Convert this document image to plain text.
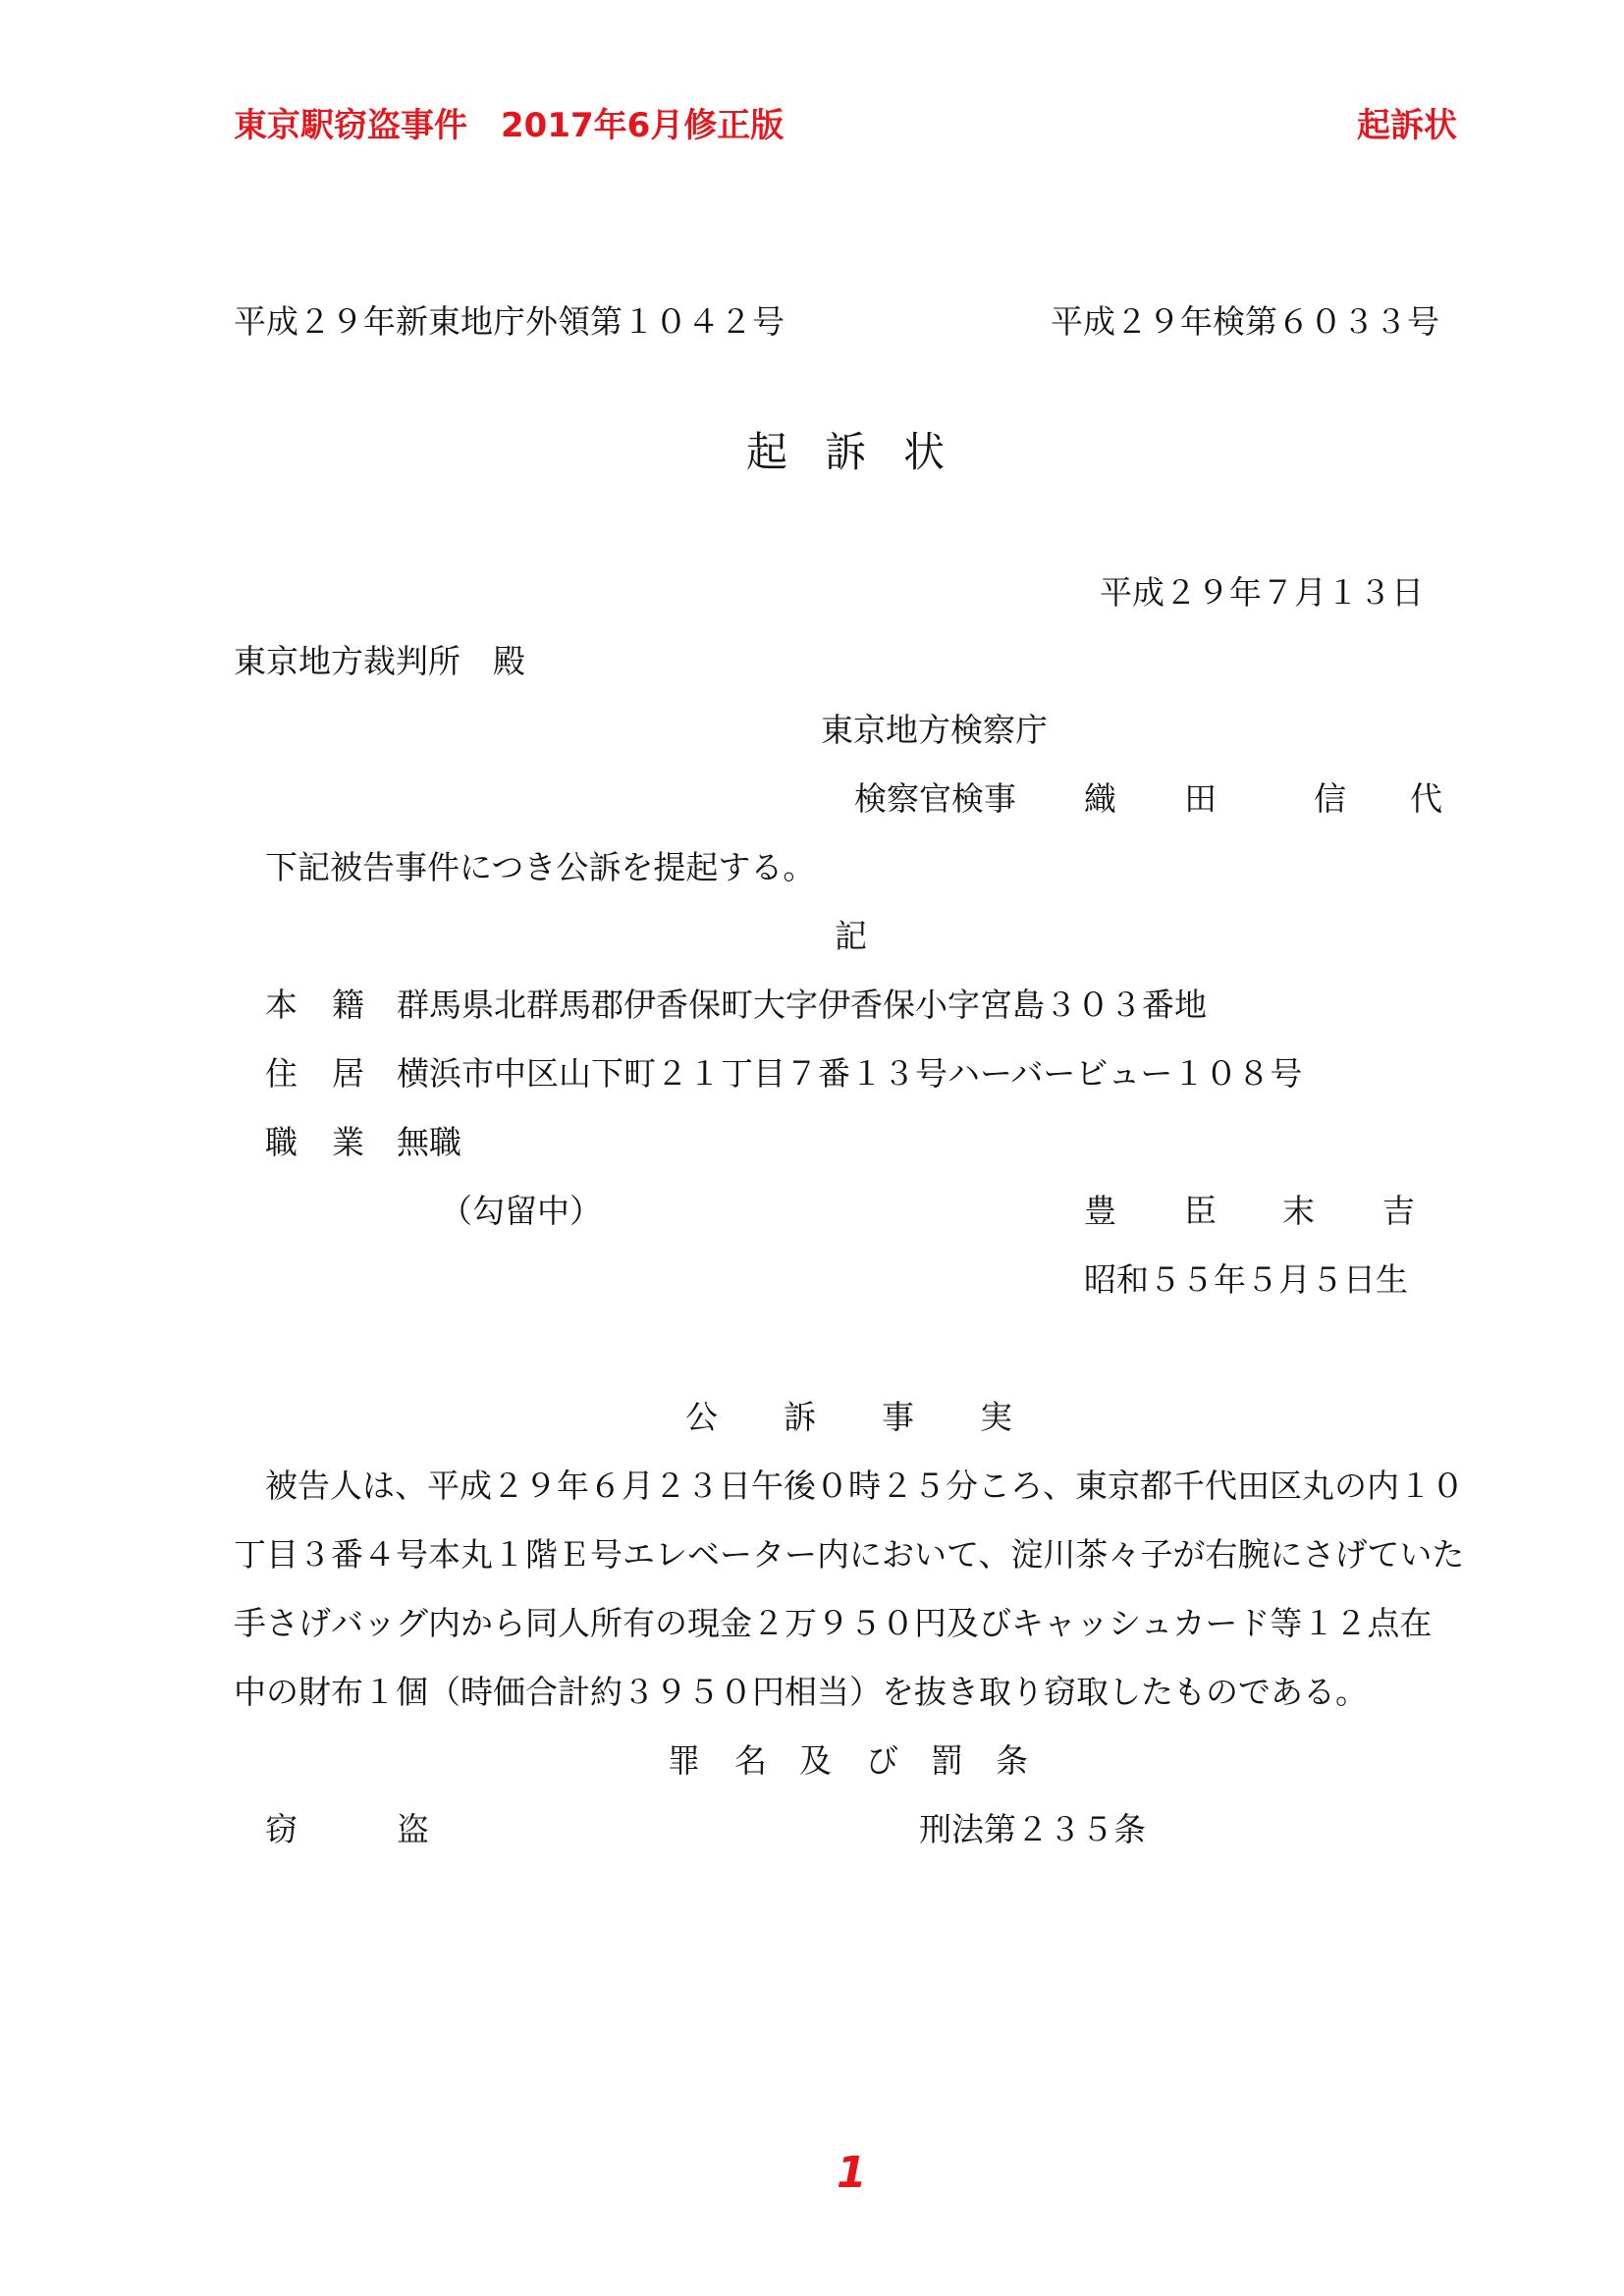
東京駅窃盗事件　2017年6月修正版	起訴状
平成２９年新東地庁外領第１０４２号	平成２９年検第６０３３号
起訴状
平成２９年７月１３日
東京地方裁判所　殿
東京地方検察庁
検察官検事 織 田	信 代
下記被告事件につき公訴を提起する。
記
本 籍 群馬県北群馬郡伊香保町大字伊香保小字宮島３０３番地
住 居 横浜市中区山下町２１丁目７番１３号ハーバービュー１０８号
職 業 無職
（勾留中）	豊 臣 末 吉
昭和５５年５月５日生
公 訴 事 実
被告人は、平成２９年６月２３日午後０時２５分ころ、東京都千代田区丸の内１０
丁目３番４号本丸１階Ｅ号エレベーター内において、淀川茶々子が右腕にさげていた
手さげバッグ内から同人所有の現金２万９５０円及びキャッシュカード等１２点在
中の財布１個（時価合計約３９５０円相当）を抜き取り窃取したものである。
罪 名 及 び 罰 条
窃	盗	刑法第２３５条
1
